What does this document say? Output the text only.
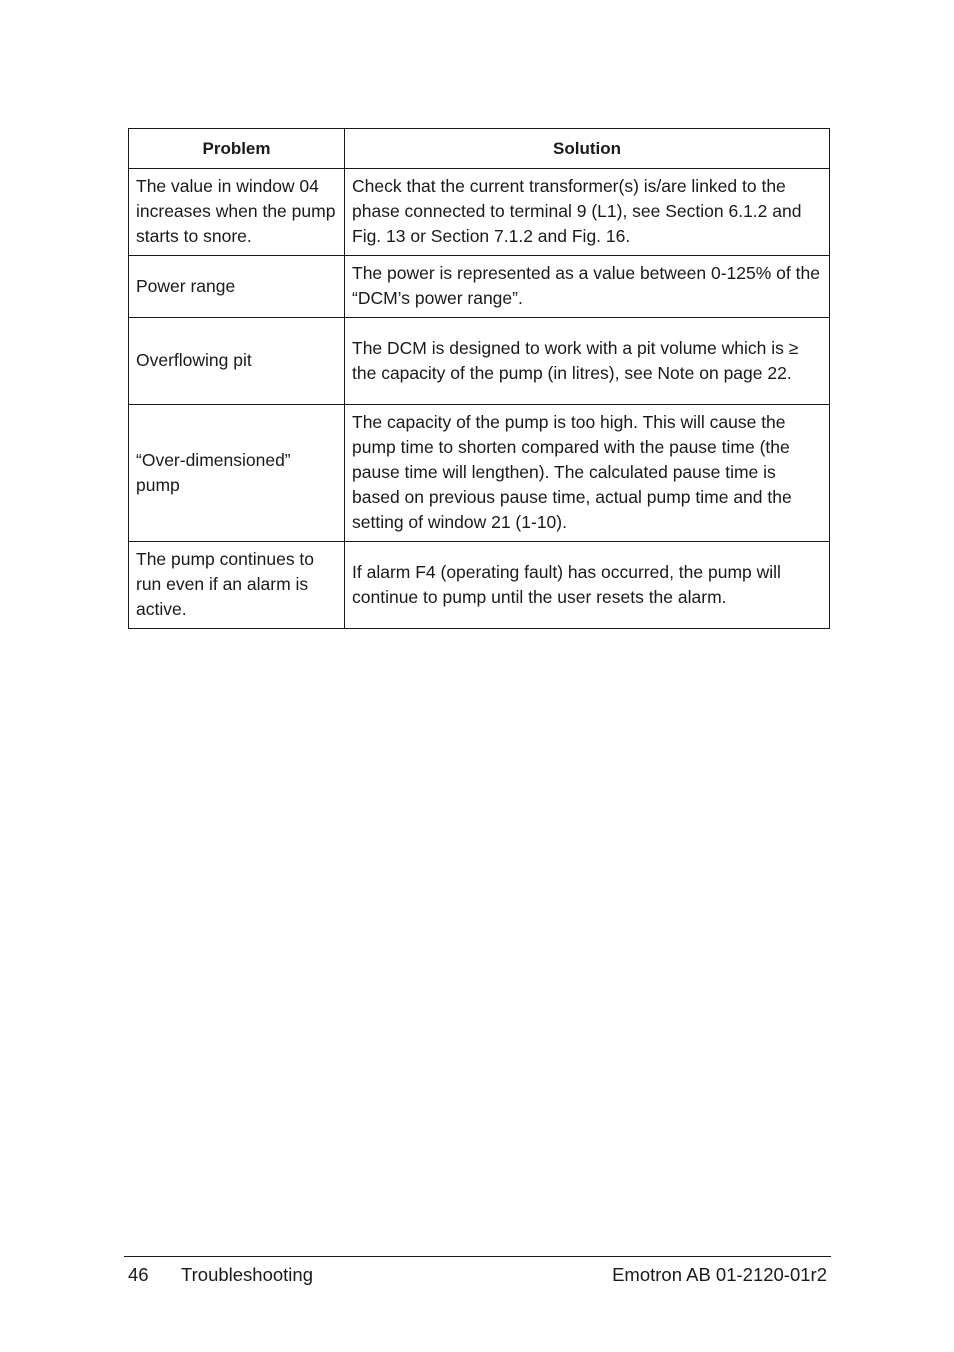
Problem	Solution
The value in window 04 increases when the pump starts to snore.	Check that the current transformer(s) is/are linked to the phase connected to terminal 9 (L1), see Section 6.1.2 and Fig. 13 or Section 7.1.2 and Fig. 16.
Power range	The power is represented as a value between 0-125% of the “DCM’s power range”.
Overflowing pit	The DCM is designed to work with a pit volume which is ≥ the capacity of the pump (in litres), see Note on page 22.
“Over-dimensioned” pump	The capacity of the pump is too high. This will cause the pump time to shorten compared with the pause time (the pause time will lengthen). The calculated pause time is based on previous pause time, actual pump time and the setting of window 21 (1-10).
The pump continues to run even if an alarm is active.	If alarm F4 (operating fault) has occurred, the pump will continue to pump until the user resets the alarm.
46 Troubleshooting	Emotron AB 01-2120-01r2
